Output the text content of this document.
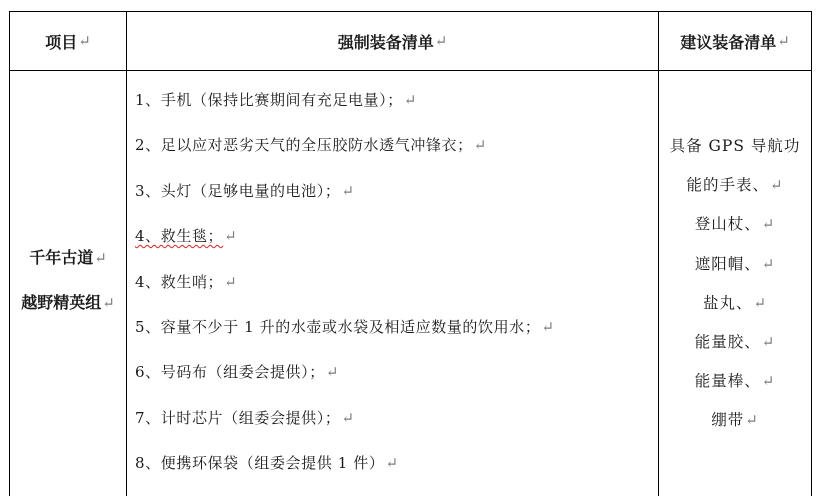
项目 ↵	强制装备清单 ↵	建议装备清单 ↵
千年古道↵
越野精英组↵
1、手机（保持比赛期间有充足电量）；↵
2、足以应对恶劣天气的全压胶防水透气冲锋衣；↵
3、头灯（足够电量的电池）；↵
4、救生毯；↵
4、救生哨；↵
5、容量不少于 1 升的水壶或水袋及相适应数量的饮用水；↵
6、号码布（组委会提供）；↵
7、计时芯片（组委会提供）；↵
8、便携环保袋（组委会提供 1 件）↵
具备 GPS 导航功
能的手表、↵
登山杖、↵
遮阳帽、↵
盐丸、↵
能量胶、↵
能量棒、↵
绷带↵
